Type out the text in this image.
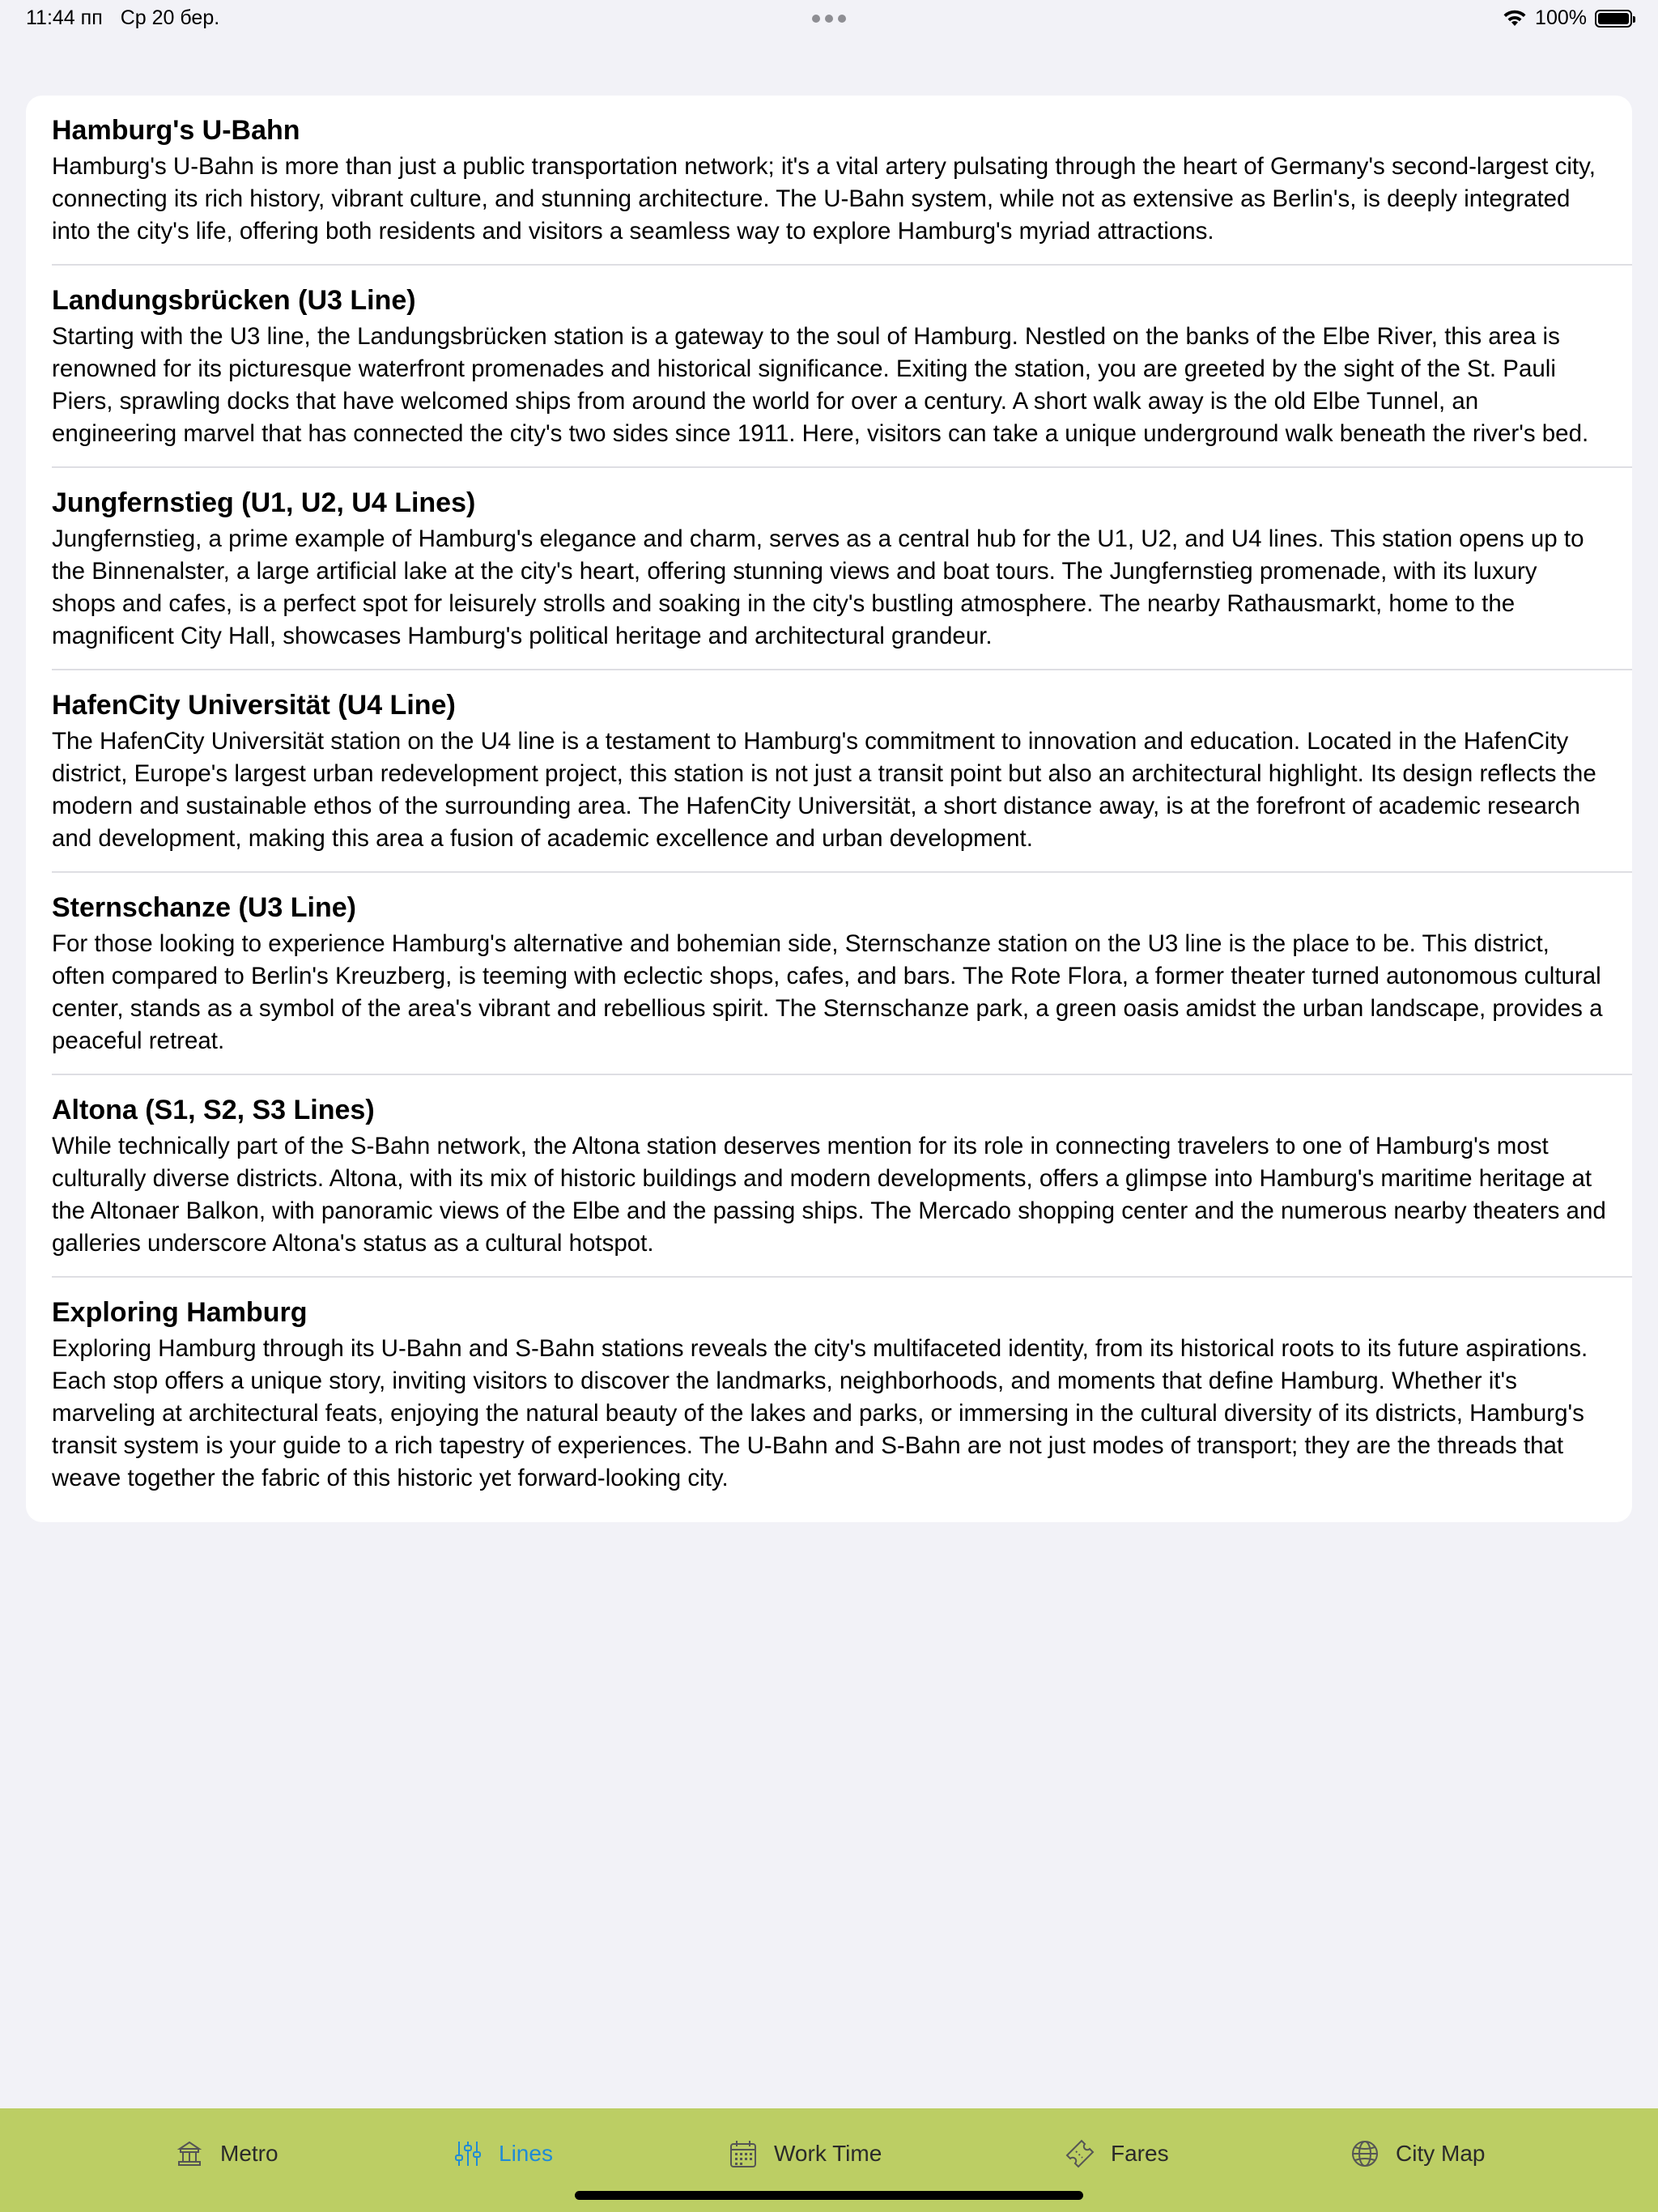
11:44 пп Ср 20 бер.	100%
Hamburg's U-Bahn

Hamburg's U-Bahn is more than just a public transportation network; it's a vital artery pulsating through the heart of Germany's second-largest city, connecting its rich history, vibrant culture, and stunning architecture. The U-Bahn system, while not as extensive as Berlin's, is deeply integrated into the city's life, offering both residents and visitors a seamless way to explore Hamburg's myriad attractions.

Landungsbrücken (U3 Line)

Starting with the U3 line, the Landungsbrücken station is a gateway to the soul of Hamburg. Nestled on the banks of the Elbe River, this area is renowned for its picturesque waterfront promenades and historical significance. Exiting the station, you are greeted by the sight of the St. Pauli Piers, sprawling docks that have welcomed ships from around the world for over a century. A short walk away is the old Elbe Tunnel, an engineering marvel that has connected the city's two sides since 1911. Here, visitors can take a unique underground walk beneath the river's bed.

Jungfernstieg (U1, U2, U4 Lines)

Jungfernstieg, a prime example of Hamburg's elegance and charm, serves as a central hub for the U1, U2, and U4 lines. This station opens up to the Binnenalster, a large artificial lake at the city's heart, offering stunning views and boat tours. The Jungfernstieg promenade, with its luxury shops and cafes, is a perfect spot for leisurely strolls and soaking in the city's bustling atmosphere. The nearby Rathausmarkt, home to the magnificent City Hall, showcases Hamburg's political heritage and architectural grandeur.

HafenCity Universität (U4 Line)

The HafenCity Universität station on the U4 line is a testament to Hamburg's commitment to innovation and education. Located in the HafenCity district, Europe's largest urban redevelopment project, this station is not just a transit point but also an architectural highlight. Its design reflects the modern and sustainable ethos of the surrounding area. The HafenCity Universität, a short distance away, is at the forefront of academic research and development, making this area a fusion of academic excellence and urban development.

Sternschanze (U3 Line)

For those looking to experience Hamburg's alternative and bohemian side, Sternschanze station on the U3 line is the place to be. This district, often compared to Berlin's Kreuzberg, is teeming with eclectic shops, cafes, and bars. The Rote Flora, a former theater turned autonomous cultural center, stands as a symbol of the area's vibrant and rebellious spirit. The Sternschanze park, a green oasis amidst the urban landscape, provides a peaceful retreat.

Altona (S1, S2, S3 Lines)

While technically part of the S-Bahn network, the Altona station deserves mention for its role in connecting travelers to one of Hamburg's most culturally diverse districts. Altona, with its mix of historic buildings and modern developments, offers a glimpse into Hamburg's maritime heritage at the Altonaer Balkon, with panoramic views of the Elbe and the passing ships. The Mercado shopping center and the numerous nearby theaters and galleries underscore Altona's status as a cultural hotspot.

Exploring Hamburg

Exploring Hamburg through its U-Bahn and S-Bahn stations reveals the city's multifaceted identity, from its historical roots to its future aspirations. Each stop offers a unique story, inviting visitors to discover the landmarks, neighborhoods, and moments that define Hamburg. Whether it's marveling at architectural feats, enjoying the natural beauty of the lakes and parks, or immersing in the cultural diversity of its districts, Hamburg's transit system is your guide to a rich tapestry of experiences. The U-Bahn and S-Bahn are not just modes of transport; they are the threads that weave together the fabric of this historic yet forward-looking city.

Metro	Lines	Work Time	Fares	City Map
